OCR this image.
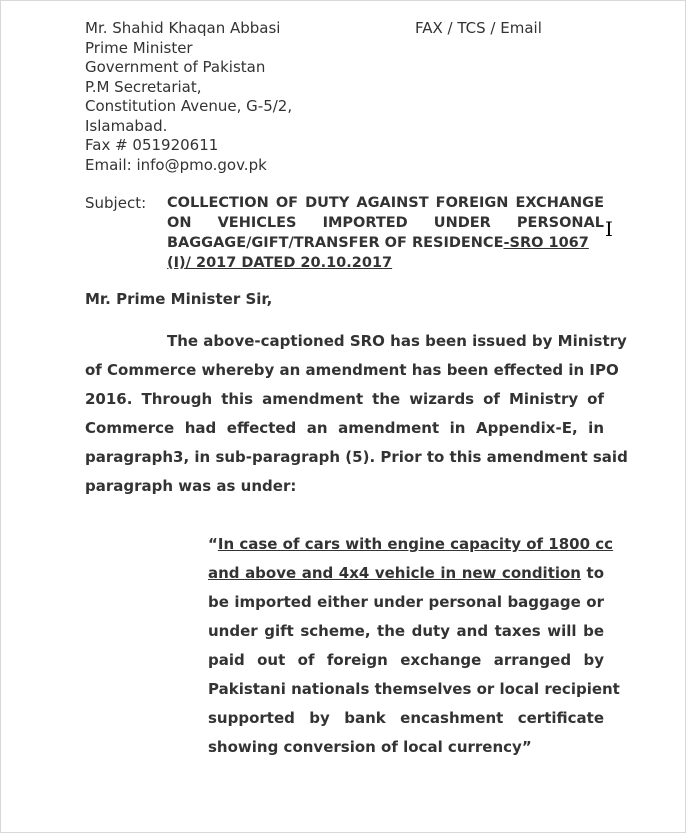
Mr. Shahid Khaqan Abbasi
Prime Minister
Government of Pakistan
P.M Secretariat,
Constitution Avenue, G-5/2,
Islamabad.
Fax # 051920611
Email: info@pmo.gov.pk
FAX / TCS / Email
Subject: COLLECTION OF DUTY AGAINST FOREIGN EXCHANGE
ON VEHICLES IMPORTED UNDER PERSONAL
BAGGAGE/GIFT/TRANSFER OF RESIDENCE-SRO 1067
(I)/ 2017 DATED 20.10.2017
I
Mr. Prime Minister Sir,
The above-captioned SRO has been issued by Ministry
of Commerce whereby an amendment has been effected in IPO
2016. Through this amendment the wizards of Ministry of
Commerce had effected an amendment in Appendix-E, in
paragraph3, in sub-paragraph (5). Prior to this amendment said
paragraph was as under:
“In case of cars with engine capacity of 1800 cc
and above and 4x4 vehicle in new condition to
be imported either under personal baggage or
under gift scheme, the duty and taxes will be
paid out of foreign exchange arranged by
Pakistani nationals themselves or local recipient
supported by bank encashment certificate
showing conversion of local currency”
